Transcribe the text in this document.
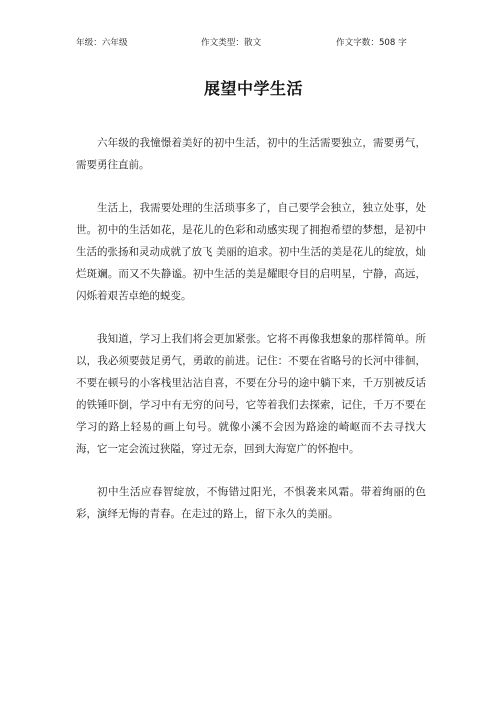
年级：六年级	作文类型：散文	作文字数：508 字
展望中学生活

六年级的我憧憬着美好的初中生活，初中的生活需要独立，需要勇气，需要勇往直前。

生活上，我需要处理的生活琐事多了，自己要学会独立，独立处事，处世。初中的生活如花，是花儿的色彩和动感实现了拥抱希望的梦想，是初中生活的张扬和灵动成就了放飞 美丽的追求。初中生活的美是花儿的绽放，灿烂斑斓。而又不失静谧。初中生活的美是耀眼夺目的启明星，宁静，高远，闪烁着艰苦卓绝的蜕变。

我知道，学习上我们将会更加紧张。它将不再像我想象的那样简单。所以，我必须要鼓足勇气，勇敢的前进。记住：不要在省略号的长河中徘徊，不要在顿号的小客栈里沾沾自喜，不要在分号的途中躺下来，千万别被反话的铁锤吓倒，学习中有无穷的问号，它等着我们去探索，记住，千万不要在学习的路上轻易的画上句号。就像小溪不会因为路途的崎岖而不去寻找大海，它一定会流过狭隘，穿过无奈，回到大海宽广的怀抱中。

初中生活应春智绽放，不悔错过阳光，不惧袭来风霜。带着绚丽的色彩，演绎无悔的青春。在走过的路上，留下永久的美丽。
